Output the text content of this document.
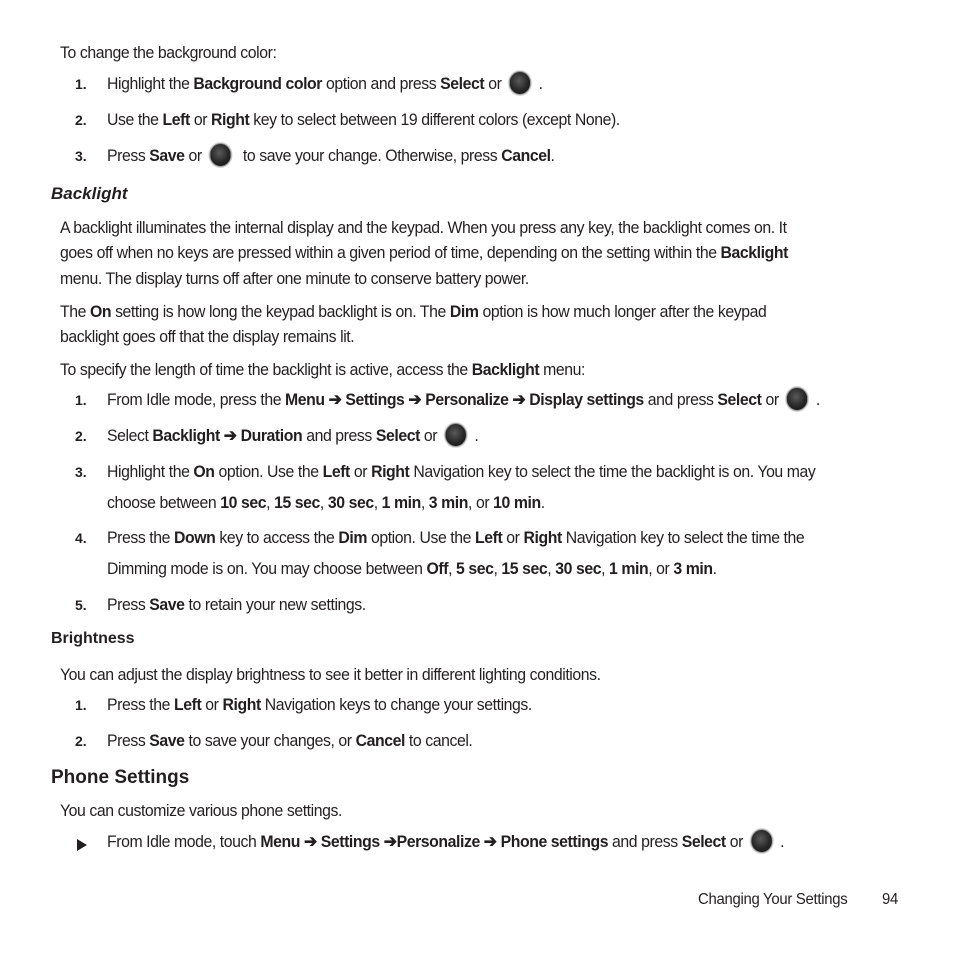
To change the background color:
1. Highlight the Background color option and press Select or .
2. Use the Left or Right key to select between 19 different colors (except None).
3. Press Save or to save your change. Otherwise, press Cancel.
Backlight
A backlight illuminates the internal display and the keypad. When you press any key, the backlight comes on. It
goes off when no keys are pressed within a given period of time, depending on the setting within the Backlight
menu. The display turns off after one minute to conserve battery power.
The On setting is how long the keypad backlight is on. The Dim option is how much longer after the keypad
backlight goes off that the display remains lit.
To specify the length of time the backlight is active, access the Backlight menu:
1. From Idle mode, press the Menu ➔ Settings ➔ Personalize ➔ Display settings and press Select or .
2. Select Backlight ➔ Duration and press Select or .
3. Highlight the On option. Use the Left or Right Navigation key to select the time the backlight is on. You may
choose between 10 sec, 15 sec, 30 sec, 1 min, 3 min, or 10 min.
4. Press the Down key to access the Dim option. Use the Left or Right Navigation key to select the time the
Dimming mode is on. You may choose between Off, 5 sec, 15 sec, 30 sec, 1 min, or 3 min.
5. Press Save to retain your new settings.
Brightness
You can adjust the display brightness to see it better in different lighting conditions.
1. Press the Left or Right Navigation keys to change your settings.
2. Press Save to save your changes, or Cancel to cancel.
Phone Settings
You can customize various phone settings.
From Idle mode, touch Menu ➔ Settings ➔Personalize ➔ Phone settings and press Select or .
Changing Your Settings 94
